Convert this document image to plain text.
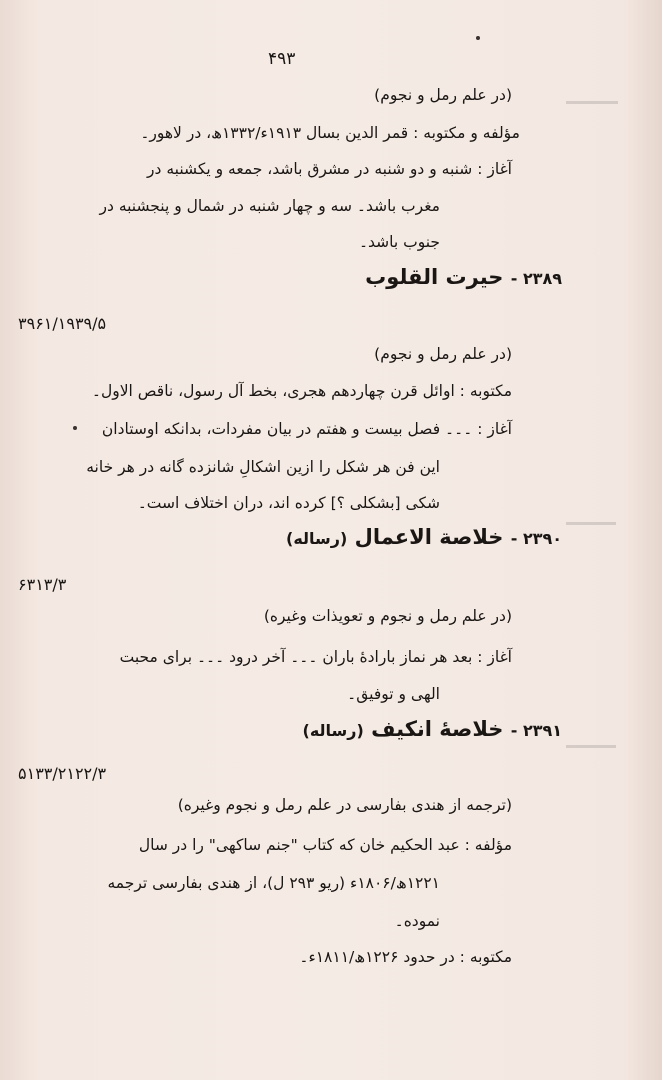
۴۹۳
(در علم رمل و نجوم)
مؤلفه و مکتوبه : قمر الدین بسال ۱۹۱۳ء/۱۳۳۲ھ، در لاهور۔
آغاز : شنبه و دو شنبه در مشرق باشد، جمعه و یکشنبه در
مغرب باشد۔ سه و چهار شنبه در شمال و پنجشنبه در
جنوب باشد۔
۲۳۸۹ - حیرت القلوب
۳۹۶۱/۱۹۳۹/۵
(در علم رمل و نجوم)
مکتوبه : اوائل قرن چهاردهم هجری، بخط آل رسول، ناقص الاول۔
آغاز : ۔۔۔ فصل بیست و هفتم در بیان مفردات، بدانکه اوستادان
این فن هر شکل را ازین اشکالِ شانزده گانه در هر خانه
شکی [بشکلی ؟] کرده اند، دران اختلاف است۔
۲۳۹۰ - خلاصة الاعمال (رساله)
۶۳۱۳/۳
(در علم رمل و نجوم و تعویذات وغیره)
آغاز : بعد هر نماز بارادهٔ باران ۔۔۔ آخر درود ۔۔۔ برای محبت
الهی و توفیق۔
۲۳۹۱ - خلاصهٔ انکیف (رساله)
۵۱۳۳/۲۱۲۲/۳
(ترجمه از هندی بفارسی در علم رمل و نجوم وغیره)
مؤلفه : عبد الحکیم خان که کتاب "جنم ساکهی" را در سال
۱۲۲۱ھ/۱۸۰۶ء (ریو ۲۹۳ ل)، از هندی بفارسی ترجمه
نموده۔
مکتوبه : در حدود ۱۲۲۶ھ/۱۸۱۱ء۔
